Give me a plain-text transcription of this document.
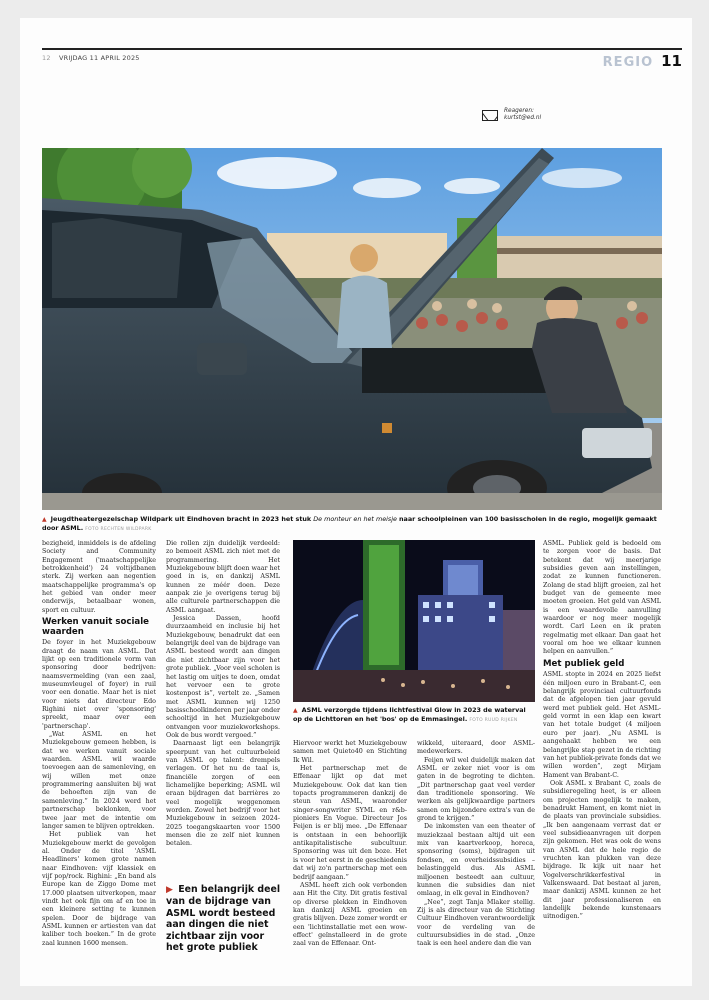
12 VRIJDAG 11 APRIL 2025	REGIO 11
Reageren:
kurtst@ed.nl
▲ Jeugdtheatergezelschap Wildpark uit Eindhoven bracht in 2023 het stuk De monteur en het meisje naar schoolpleinen van 100 basisscholen in de regio, mogelijk gemaakt door ASML. FOTO RECHTEN WILDPARK

bezigheid, inmiddels is de afdeling Society and Community Engagement ('maatschappelijke betrokkenheid') 24 voltijdbanen sterk. Zij werken aan negentien maatschappelijke programma's op het gebied van onder meer onderwijs, betaalbaar wonen, sport en cultuur.

Werken vanuit sociale waarden

De foyer in het Muziekgebouw draagt de naam van ASML. Dat lijkt op een traditionele vorm van sponsoring door bedrijven: naamsvermelding (van een zaal, museumvleugel of foyer) in ruil voor een donatie. Maar het is niet voor niets dat directeur Edo Righini niet over 'sponsoring' spreekt, maar over een 'partnerschap'.

„Wat ASML en het Muziekgebouw gemeen hebben, is dat we werken vanuit sociale waarden. ASML wil waarde toevoegen aan de samenleving, en wij willen met onze programmering aansluiten bij wat de behoeften zijn van de samenleving.” In 2024 werd het partnerschap beklonken, voor twee jaar met de intentie om langer samen te blijven optrekken.

Het publiek van het Muziekgebouw merkt de gevolgen al. Onder de titel 'ASML Headliners' komen grote namen naar Eindhoven: vijf klassiek en vijf pop/rock. Righini: „En band als Europe kan de Ziggo Dome met 17.000 plaatsen uitverkopen, maar vindt het ook fijn om af en toe in een kleinere setting te kunnen spelen. Door de bijdrage van ASML kunnen er artiesten van dat kaliber toch boeken.” In de grote zaal kunnen 1600 mensen.

Die rollen zijn duidelijk verdeeld: zo bemoeit ASML zich niet met de programmering. Het Muziekgebouw blijft doen waar het goed in is, en dankzij ASML kunnen ze méér doen. Deze aanpak zie je overigens terug bij alle culturele partnerschappen die ASML aangaat.

Jessica Dassen, hoofd duurzaamheid en inclusie bij het Muziekgebouw, benadrukt dat een belangrijk deel van de bijdrage van ASML besteed wordt aan dingen die niet zichtbaar zijn voor het grote publiek. „Voor veel scholen is het lastig om uitjes te doen, omdat het vervoer een te grote kostenpost is”, vertelt ze. „Samen met ASML kunnen wij 1250 basisschoolkinderen per jaar onder schooltijd in het Muziekgebouw ontvangen voor muziekworkshops. Ook de bus wordt vergoed.”

Daarnaast ligt een belangrijk speerpunt van het cultuurbeleid van ASML op talent: drempels verlagen. Of het nu de taal is, financiële zorgen of een lichamelijke beperking; ASML wil eraan bijdragen dat barrières zo veel mogelijk weggenomen worden. Zowel het bedrijf voor het Muziekgebouw in seizoen 2024-2025 toegangskaarten voor 1500 mensen die ze zelf niet kunnen betalen.

▶ Een belangrijk deel van de bijdrage van ASML wordt besteed aan dingen die niet zichtbaar zijn voor het grote publiek
▲ ASML verzorgde tijdens lichtfestival Glow in 2023 de waterval op de Lichttoren en het 'bos' op de Emmasingel. FOTO RUUD RIJKEN

Hiervoor werkt het Muziekgebouw samen met Quieto40 en Stichting Ik Wil.

Het partnerschap met de Effenaar lijkt op dat met Muziekgebouw. Ook dat kan tien topacts programmeren dankzij de steun van ASML, waaronder singer-songwriter SYML en r&b-pioniers En Vogue. Directeur Jos Feijen is er blij mee. „De Effenaar is ontstaan in een behoorlijk antikapitalistische subcultuur. Sponsoring was uit den boze. Het is voor het eerst in de geschiedenis dat wij zo'n partnerschap met een bedrijf aangaan.”

ASML heeft zich ook verbonden aan Hit the City. Dit gratis festival op diverse plekken in Eindhoven kan dankzij ASML groeien en gratis blijven. Deze zomer wordt er een 'lichtinstallatie met een wow-effect' geïnstalleerd in de grote zaal van de Effenaar. Ont-

wikkeld, uiteraard, door ASML-medewerkers.

Feijen wil wel duidelijk maken dat ASML er zeker niet voor is om gaten in de begroting te dichten. „Dit partnerschap gaat veel verder dan traditionele sponsoring. We werken als gelijkwaardige partners samen om bijzondere extra's van de grond te krijgen.”

De inkomsten van een theater of muziekzaal bestaan altijd uit een mix van kaartverkoop, horeca, sponsoring (soms), bijdragen uit fondsen, en overheidssubsidies – belastinggeld dus. Als ASML miljoenen besteedt aan cultuur, kunnen die subsidies dan niet omlaag, in elk geval in Eindhoven?

„Nee”, zegt Tanja Mlaker stellig. Zij is als directeur van de Stichting Cultuur Eindhoven verantwoordelijk voor de verdeling van de cultuursubsidies in de stad. „Onze taak is een heel andere dan die van

ASML. Publiek geld is bedoeld om te zorgen voor de basis. Dat betekent dat wij meerjarige subsidies geven aan instellingen, zodat ze kunnen functioneren. Zolang de stad blijft groeien, zal het budget van de gemeente mee moeten groeien. Het geld van ASML is een waardevolle aanvulling waardoor er nog meer mogelijk wordt. Carl Leen en ik praten regelmatig met elkaar. Dan gaat het vooral om hoe we elkaar kunnen helpen en aanvullen.”

Met publiek geld

ASML stopte in 2024 en 2025 liefst één miljoen euro in Brabant-C, een belangrijk provinciaal cultuurfonds dat de afgelopen tien jaar gevuld werd met publiek geld. Het ASML-geld vormt in een klap een kwart van het totale budget (4 miljoen euro per jaar). „Nu ASML is aangehaakt hebben we een belangrijke stap gezet in de richting van het publiek-private fonds dat we willen worden”, zegt Mirjam Hament van Brabant-C.

Ook ASML x Brabant C, zoals de subsidieregeling heet, is er alleen om projecten mogelijk te maken, benadrukt Hament, en komt niet in de plaats van provinciale subsidies. „Ik ben aangenaam verrast dat er veel subsidieaanvragen uit dorpen zijn gekomen. Het was ook de wens van ASML dat de hele regio de vruchten kan plukken van deze bijdrage. Ik kijk uit naar het Vogelverschrikkerfestival in Valkenswaard. Dat bestaat al jaren, maar dankzij ASML kunnen ze het dit jaar professionaliseren en landelijk bekende kunstenaars uitnodigen.”
